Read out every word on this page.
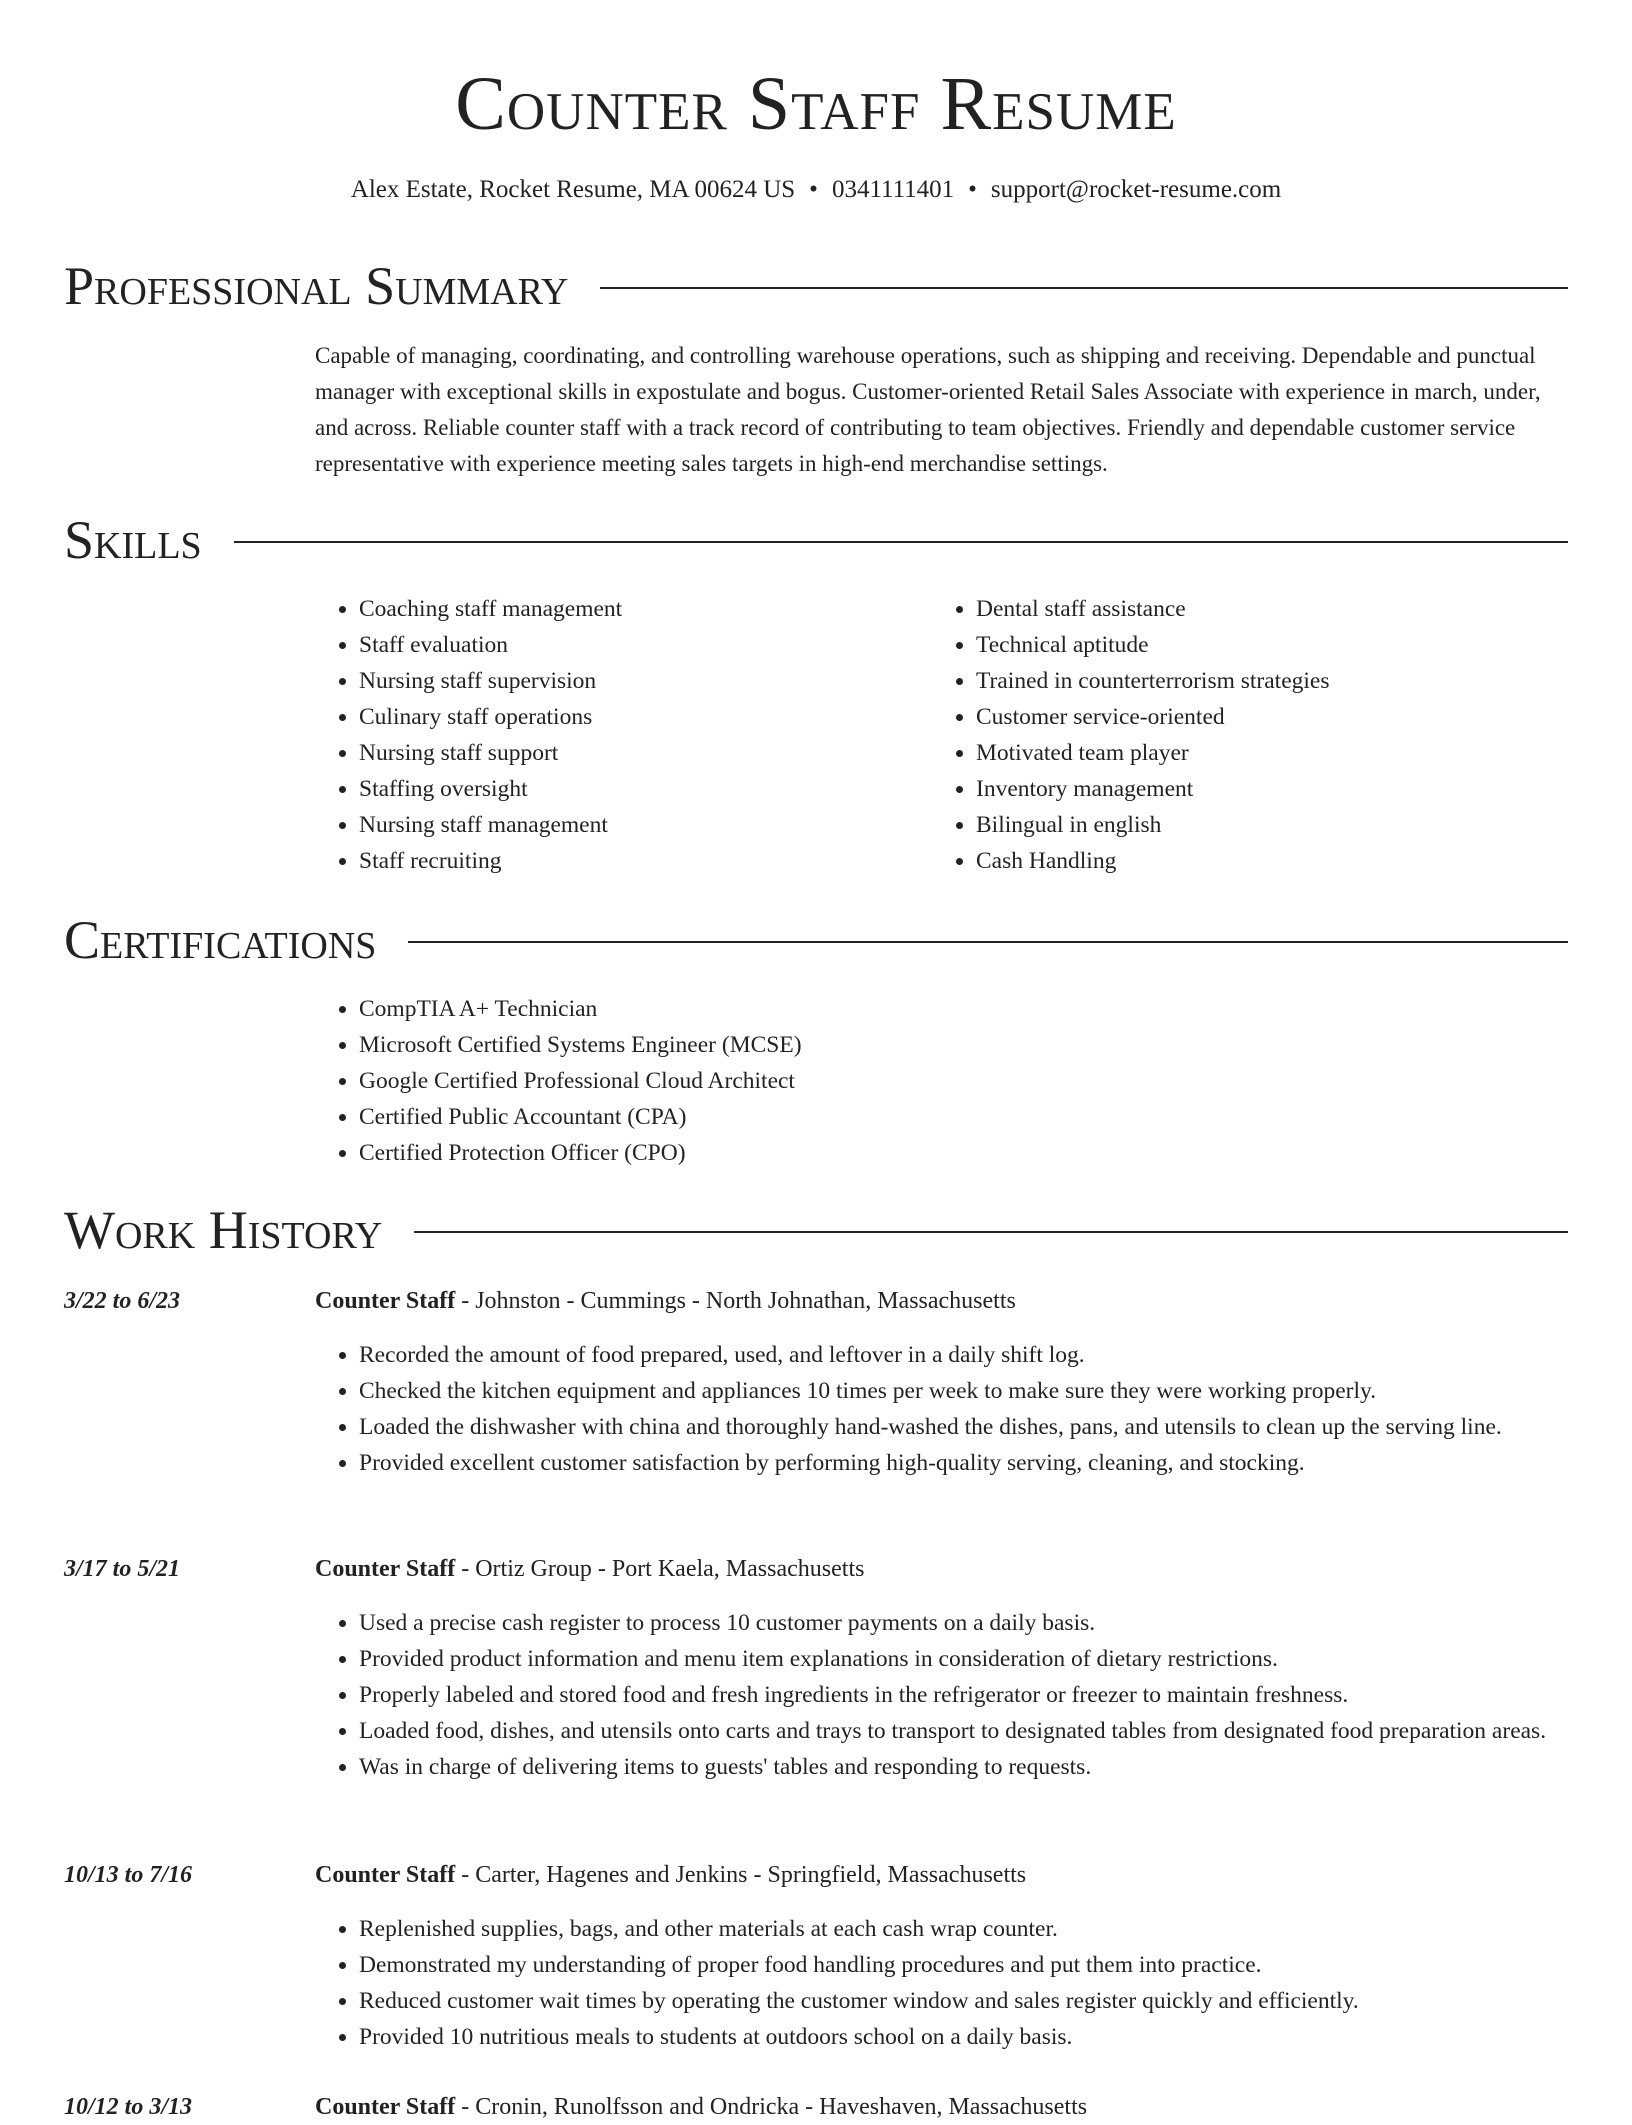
Counter Staff Resume
Alex Estate, Rocket Resume, MA 00624 US • 0341111401 • support@rocket-resume.com
Professional Summary

Capable of managing, coordinating, and controlling warehouse operations, such as shipping and receiving. Dependable and punctual manager with exceptional skills in expostulate and bogus. Customer-oriented Retail Sales Associate with experience in march, under, and across. Reliable counter staff with a track record of contributing to team objectives. Friendly and dependable customer service representative with experience meeting sales targets in high-end merchandise settings.

Skills
• Coaching staff management
• Staff evaluation
• Nursing staff supervision
• Culinary staff operations
• Nursing staff support
• Staffing oversight
• Nursing staff management
• Staff recruiting
• Dental staff assistance
• Technical aptitude
• Trained in counterterrorism strategies
• Customer service-oriented
• Motivated team player
• Inventory management
• Bilingual in english
• Cash Handling
Certifications
• CompTIA A+ Technician
• Microsoft Certified Systems Engineer (MCSE)
• Google Certified Professional Cloud Architect
• Certified Public Accountant (CPA)
• Certified Protection Officer (CPO)
Work History
3/22 to 6/23	Counter Staff - Johnston - Cummings - North Johnathan, Massachusetts
• Recorded the amount of food prepared, used, and leftover in a daily shift log.
• Checked the kitchen equipment and appliances 10 times per week to make sure they were working properly.
• Loaded the dishwasher with china and thoroughly hand-washed the dishes, pans, and utensils to clean up the serving line.
• Provided excellent customer satisfaction by performing high-quality serving, cleaning, and stocking.
3/17 to 5/21	Counter Staff - Ortiz Group - Port Kaela, Massachusetts
• Used a precise cash register to process 10 customer payments on a daily basis.
• Provided product information and menu item explanations in consideration of dietary restrictions.
• Properly labeled and stored food and fresh ingredients in the refrigerator or freezer to maintain freshness.
• Loaded food, dishes, and utensils onto carts and trays to transport to designated tables from designated food preparation areas.
• Was in charge of delivering items to guests' tables and responding to requests.
10/13 to 7/16	Counter Staff - Carter, Hagenes and Jenkins - Springfield, Massachusetts
• Replenished supplies, bags, and other materials at each cash wrap counter.
• Demonstrated my understanding of proper food handling procedures and put them into practice.
• Reduced customer wait times by operating the customer window and sales register quickly and efficiently.
• Provided 10 nutritious meals to students at outdoors school on a daily basis.
10/12 to 3/13	Counter Staff - Cronin, Runolfsson and Ondricka - Haveshaven, Massachusetts
